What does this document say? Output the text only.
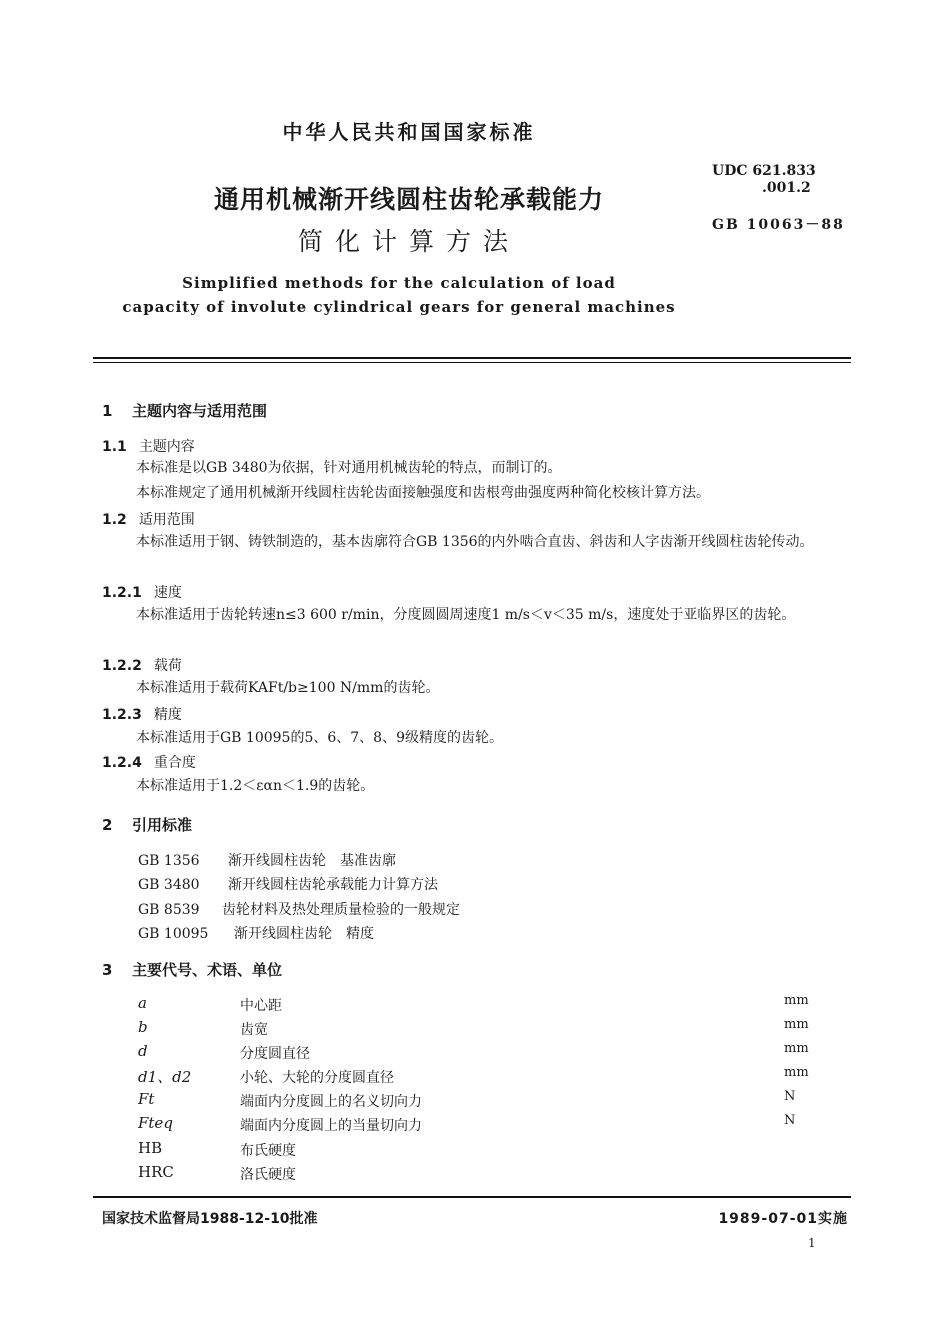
中华人民共和国国家标准
通用机械渐开线圆柱齿轮承载能力
简化计算方法
Simplified methods for the calculation of load
capacity of involute cylindrical gears for general machines
UDC 621.833
.001.2
GB 10063－88
1 主题内容与适用范围
1.1 主题内容
本标准是以GB 3480为依据，针对通用机械齿轮的特点，而制订的。
本标准规定了通用机械渐开线圆柱齿轮齿面接触强度和齿根弯曲强度两种简化校核计算方法。
1.2 适用范围
本标准适用于钢、铸铁制造的，基本齿廓符合GB 1356的内外啮合直齿、斜齿和人字齿渐开线圆柱齿轮传动。
1.2.1 速度
本标准适用于齿轮转速n≤3 600 r/min，分度圆圆周速度1 m/s＜v＜35 m/s，速度处于亚临界区的齿轮。
1.2.2 载荷
本标准适用于载荷KAFt/b≥100 N/mm的齿轮。
1.2.3 精度
本标准适用于GB 10095的5、6、7、8、9级精度的齿轮。
1.2.4 重合度
本标准适用于1.2＜εαn＜1.9的齿轮。
2 引用标准
GB 1356 渐开线圆柱齿轮　基准齿廓
GB 3480 渐开线圆柱齿轮承载能力计算方法
GB 8539 齿轮材料及热处理质量检验的一般规定
GB 10095 渐开线圆柱齿轮　精度
3 主要代号、术语、单位
a	中心距	mm
b	齿宽	mm
d	分度圆直径	mm
d1、d2	小轮、大轮的分度圆直径	mm
Ft	端面内分度圆上的名义切向力	N
Fteq	端面内分度圆上的当量切向力	N
HB	布氏硬度
HRC	洛氏硬度
国家技术监督局1988-12-10批准	1989-07-01实施
1
